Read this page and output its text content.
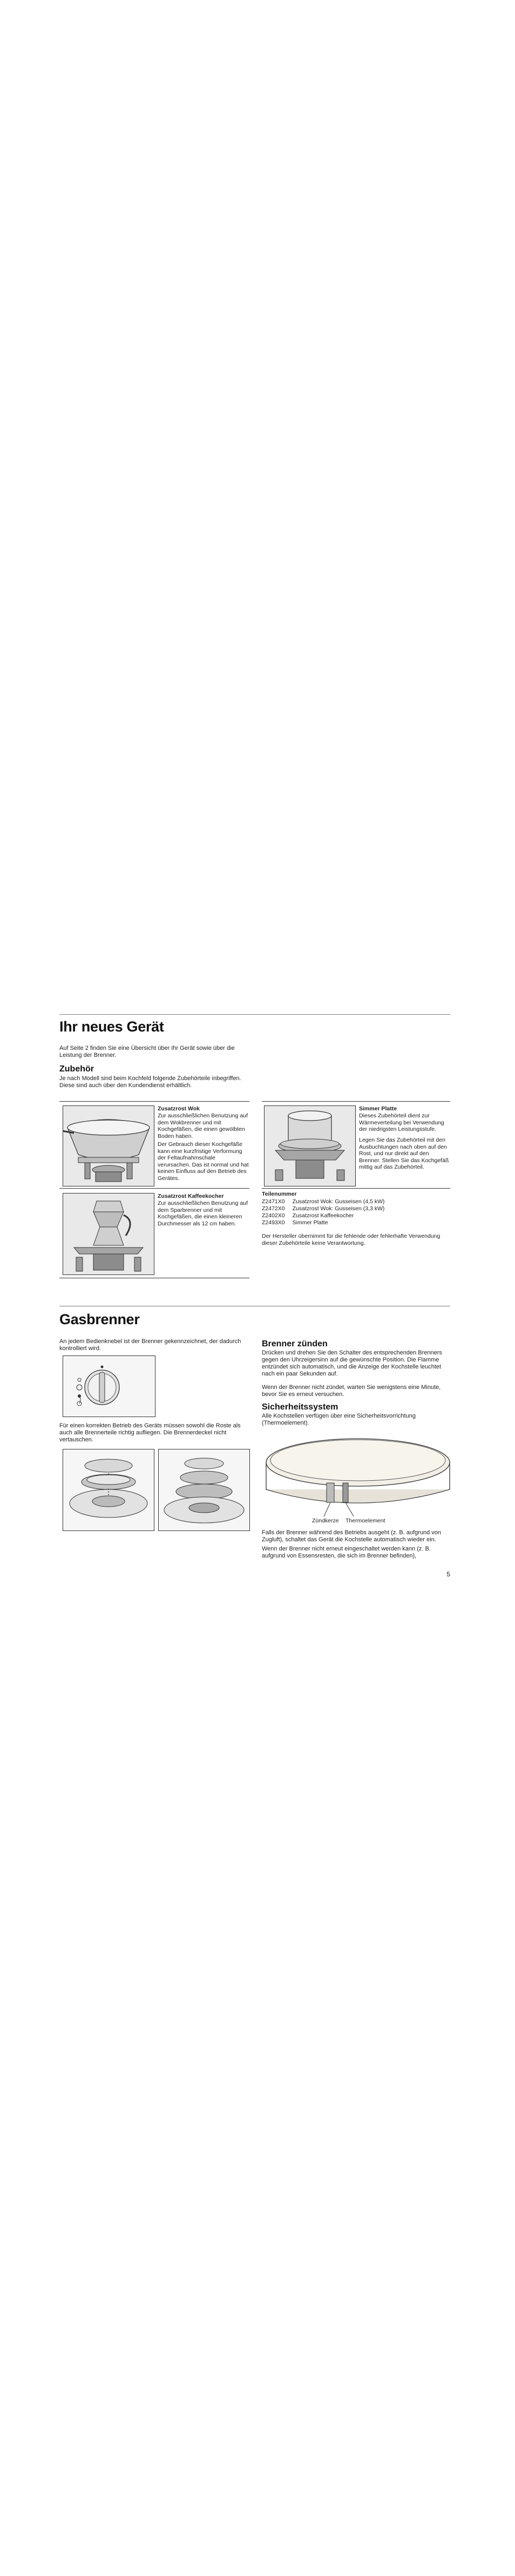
Ihr neues Gerät
Auf Seite 2 finden Sie eine Übersicht über Ihr Gerät sowie über die Leistung der Brenner.
Zubehör
Je nach Modell sind beim Kochfeld folgende Zubehörteile inbegriffen. Diese sind auch über den Kundendienst erhältlich.
Zusatzrost Wok
Zur ausschließlichen Benutzung auf dem Wokbrenner und mit Kochgefäßen, die einen gewölbten Boden haben.
Der Gebrauch dieser Kochgefäße kann eine kurzfristige Verformung der Feltaufnahmschale verursachen. Das ist normal und hat keinen Einfluss auf den Betrieb des Gerätes.
Simmer Platte
Dieses Zubehörteil dient zur Wärmeverteilung bei Verwendung der niedrigsten Leistungsstufe.
Legen Sie das Zubehörteil mit den Ausbuchtungen nach oben auf den Rost, und nur direkt auf den Brenner. Stellen Sie das Kochgefäß mittig auf das Zubehörteil.
Zusatzrost Kaffeekocher
Zur ausschließlichen Benutzung auf dem Sparbrenner und mit Kochgefäßen, die einen kleineren Durchmesser als 12 cm haben.
Teilenummer
Z2471X0	Zusatzrost Wok: Gusseisen (4,5 kW)
Z2472X0	Zusatzrost Wok: Gusseisen (3,3 kW)
Z2402X0	Zusatzrost Kaffeekocher
Z2493X0	Simmer Platte
Der Hersteller übernimmt für die fehlende oder fehlerhafte Verwendung dieser Zubehörteile keine Verantwortung.
Gasbrenner
An jedem Bedienknebel ist der Brenner gekennzeichnet, der dadurch kontrolliert wird.
Für einen korrekten Betrieb des Geräts müssen sowohl die Roste als auch alle Brennerteile richtig aufliegen. Die Brennerdeckel nicht vertauschen.
Brenner zünden
Drücken und drehen Sie den Schalter des entsprechenden Brenners gegen den Uhrzeigersinn auf die gewünschte Position. Die Flamme entzündet sich automatisch, und die Anzeige der Kochstelle leuchtet nach ein paar Sekunden auf.
Wenn der Brenner nicht zündet, warten Sie wenigstens eine Minute, bevor Sie es erneut versuchen.
Sicherheitssystem
Alle Kochstellen verfügen über eine Sicherheitsvorrichtung (Thermoelement).
Zündkerze Thermoelement
Falls der Brenner während des Betriebs ausgeht (z. B. aufgrund von Zugluft), schaltet das Gerät die Kochstelle automatisch wieder ein.
Wenn der Brenner nicht erneut eingeschaltet werden kann (z. B. aufgrund von Essensresten, die sich im Brenner befinden),
5
